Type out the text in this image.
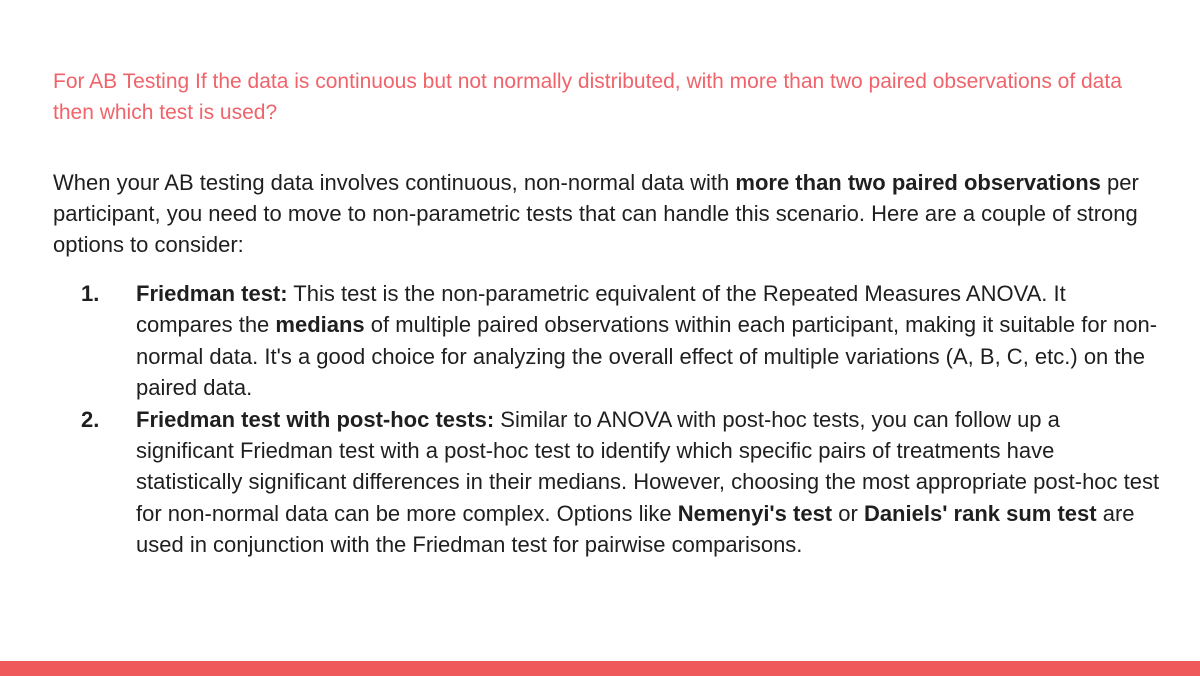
For AB Testing If the data is continuous but not normally distributed, with more than two paired observations of data then which test is used?

When your AB testing data involves continuous, non-normal data with more than two paired observations per participant, you need to move to non-parametric tests that can handle this scenario. Here are a couple of strong options to consider:

1. Friedman test: This test is the non-parametric equivalent of the Repeated Measures ANOVA. It compares the medians of multiple paired observations within each participant, making it suitable for non-normal data. It's a good choice for analyzing the overall effect of multiple variations (A, B, C, etc.) on the paired data.
2. Friedman test with post-hoc tests: Similar to ANOVA with post-hoc tests, you can follow up a significant Friedman test with a post-hoc test to identify which specific pairs of treatments have statistically significant differences in their medians. However, choosing the most appropriate post-hoc test for non-normal data can be more complex. Options like Nemenyi's test or Daniels' rank sum test are used in conjunction with the Friedman test for pairwise comparisons.
